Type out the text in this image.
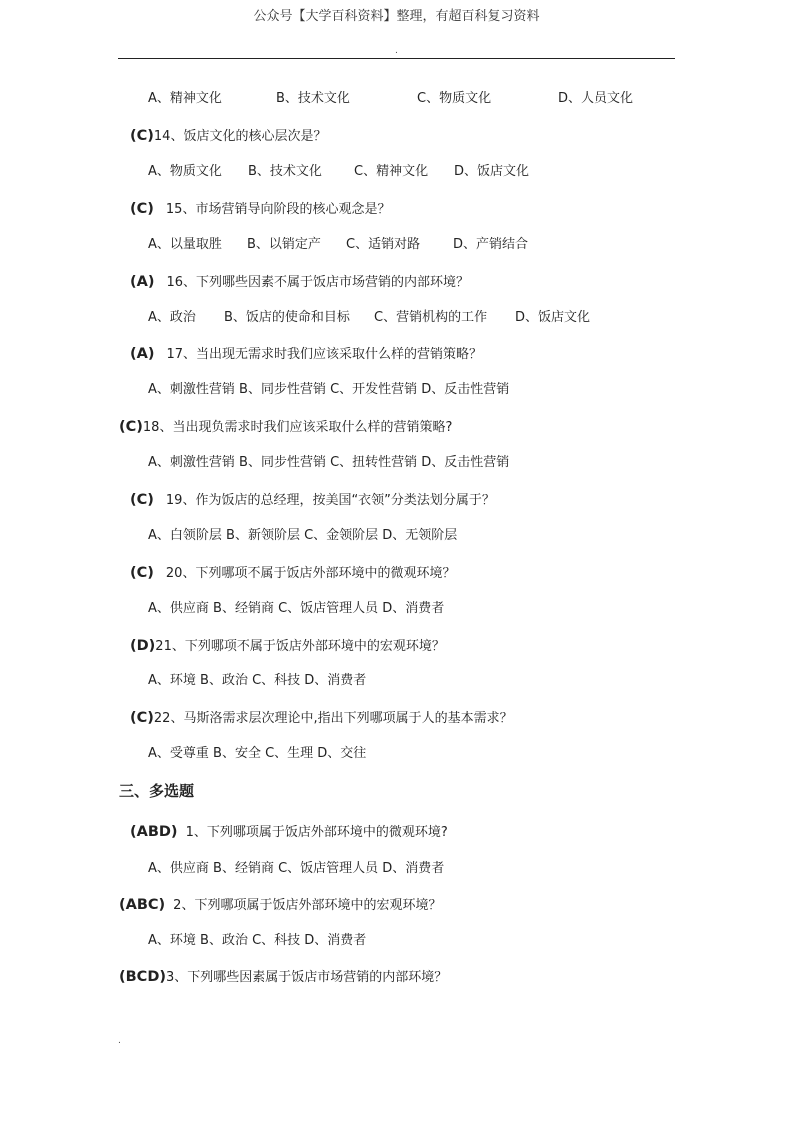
公众号【大学百科资料】整理，有超百科复习资料
.
A、精神文化	B、技术文化	C、物质文化	D、人员文化
(C)14、饭店文化的核心层次是？
A、物质文化 B、技术文化 C、精神文化 D、饭店文化
(C) 15、市场营销导向阶段的核心观念是？
A、以量取胜 B、以销定产 C、适销对路	D、产销结合
(A) 16、下列哪些因素不属于饭店市场营销的内部环境？
A、政治 B、饭店的使命和目标 C、营销机构的工作 D、饭店文化
(A) 17、当出现无需求时我们应该采取什么样的营销策略？
A、刺激性营销 B、同步性营销 C、开发性营销 D、反击性营销
(C)18、当出现负需求时我们应该采取什么样的营销策略?
A、刺激性营销 B、同步性营销 C、扭转性营销 D、反击性营销
(C) 19、作为饭店的总经理，按美国“衣领”分类法划分属于？
A、白领阶层 B、新领阶层 C、金领阶层 D、无领阶层
(C) 20、下列哪项不属于饭店外部环境中的微观环境？
A、供应商 B、经销商 C、饭店管理人员 D、消费者
(D)21、下列哪项不属于饭店外部环境中的宏观环境？
A、环境 B、政治 C、科技 D、消费者
(C)22、马斯洛需求层次理论中,指出下列哪项属于人的基本需求？
A、受尊重 B、安全 C、生理 D、交往
三、多选题
(ABD) 1、下列哪项属于饭店外部环境中的微观环境?
A、供应商 B、经销商 C、饭店管理人员 D、消费者
(ABC) 2、下列哪项属于饭店外部环境中的宏观环境？
A、环境 B、政治 C、科技 D、消费者
(BCD)3、下列哪些因素属于饭店市场营销的内部环境？
.
